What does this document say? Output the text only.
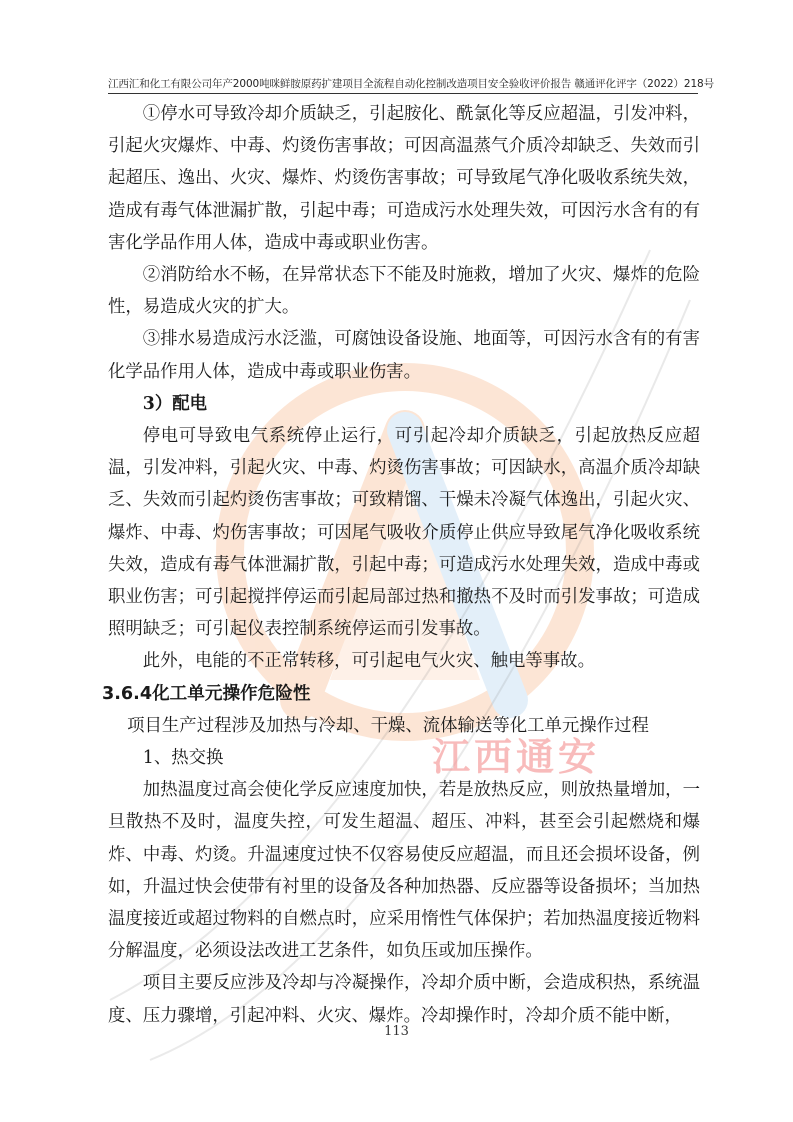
江西汇和化工有限公司年产2000吨咪鲜胺原药扩建项目全流程自动化控制改造项目安全验收评价报告 赣通评化评字（2022）218号
江西通安

①停水可导致冷却介质缺乏，引起胺化、酰氯化等反应超温，引发冲料，引起火灾爆炸、中毒、灼烫伤害事故；可因高温蒸气介质冷却缺乏、失效而引起超压、逸出、火灾、爆炸、灼烫伤害事故；可导致尾气净化吸收系统失效，造成有毒气体泄漏扩散，引起中毒；可造成污水处理失效，可因污水含有的有害化学品作用人体，造成中毒或职业伤害。

②消防给水不畅，在异常状态下不能及时施救，增加了火灾、爆炸的危险性，易造成火灾的扩大。

③排水易造成污水泛滥，可腐蚀设备设施、地面等，可因污水含有的有害化学品作用人体，造成中毒或职业伤害。

3）配电

停电可导致电气系统停止运行，可引起冷却介质缺乏，引起放热反应超温，引发冲料，引起火灾、中毒、灼烫伤害事故；可因缺水，高温介质冷却缺乏、失效而引起灼烫伤害事故；可致精馏、干燥未冷凝气体逸出，引起火灾、爆炸、中毒、灼伤害事故；可因尾气吸收介质停止供应导致尾气净化吸收系统失效，造成有毒气体泄漏扩散，引起中毒；可造成污水处理失效，造成中毒或职业伤害；可引起搅拌停运而引起局部过热和撤热不及时而引发事故；可造成照明缺乏；可引起仪表控制系统停运而引发事故。

此外，电能的不正常转移，可引起电气火灾、触电等事故。

3.6.4化工单元操作危险性

项目生产过程涉及加热与冷却、干燥、流体输送等化工单元操作过程

1、热交换

加热温度过高会使化学反应速度加快，若是放热反应，则放热量增加，一旦散热不及时，温度失控，可发生超温、超压、冲料，甚至会引起燃烧和爆炸、中毒、灼烫。升温速度过快不仅容易使反应超温，而且还会损坏设备，例如，升温过快会使带有衬里的设备及各种加热器、反应器等设备损坏；当加热温度接近或超过物料的自燃点时，应采用惰性气体保护；若加热温度接近物料分解温度，必须设法改进工艺条件，如负压或加压操作。

项目主要反应涉及冷却与冷凝操作，冷却介质中断，会造成积热，系统温度、压力骤增，引起冲料、火灾、爆炸。冷却操作时，冷却介质不能中断，

113
